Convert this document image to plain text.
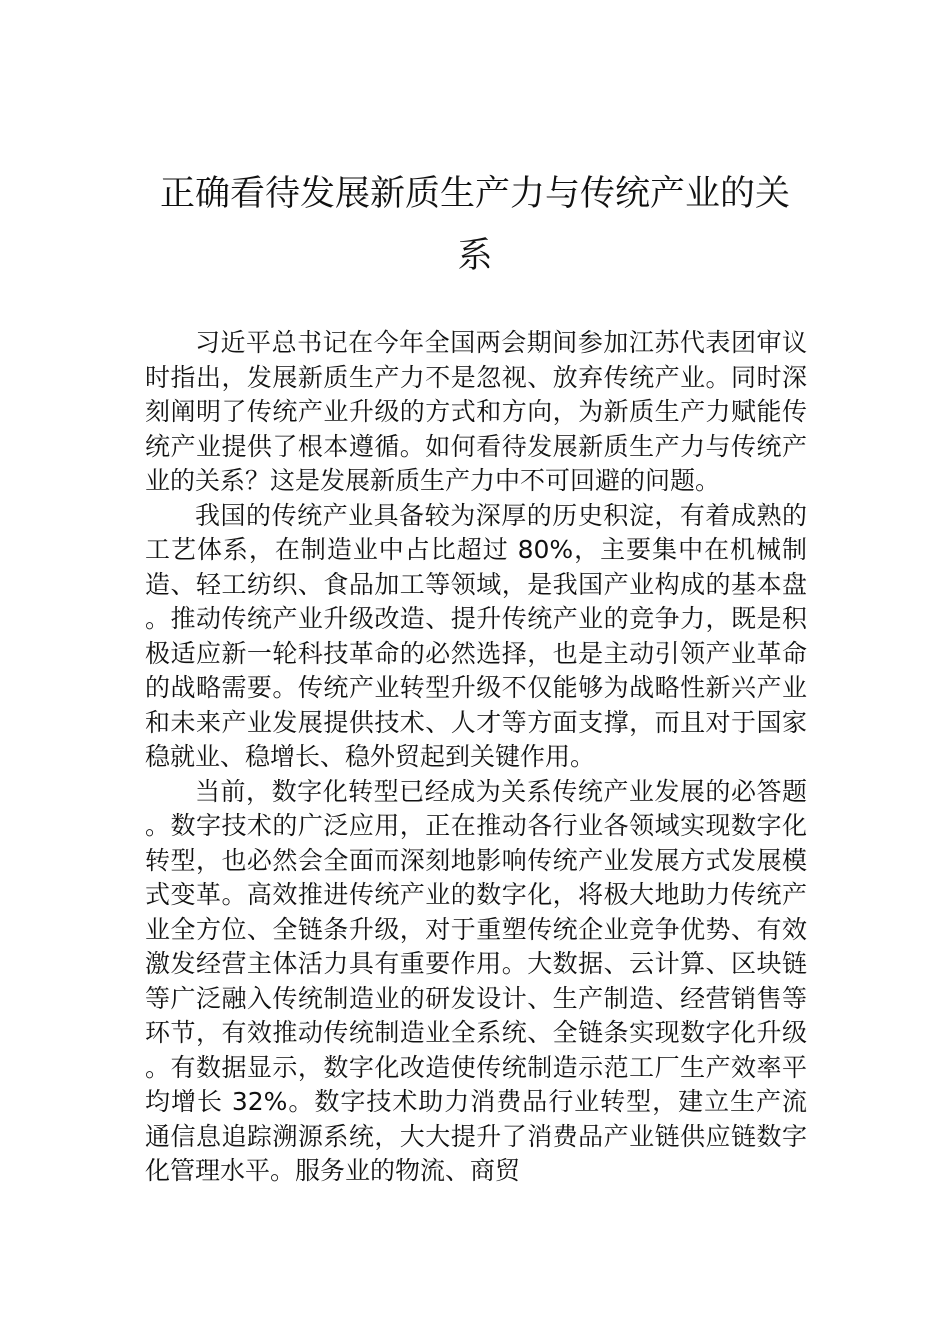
正确看待发展新质生产力与传统产业的关系

习近平总书记在今年全国两会期间参加江苏代表团审议时指出，发展新质生产力不是忽视、放弃传统产业。同时深刻阐明了传统产业升级的方式和方向，为新质生产力赋能传统产业提供了根本遵循。如何看待发展新质生产力与传统产业的关系？这是发展新质生产力中不可回避的问题。

我国的传统产业具备较为深厚的历史积淀，有着成熟的工艺体系，在制造业中占比超过 80%，主要集中在机械制造、轻工纺织、食品加工等领域，是我国产业构成的基本盘。推动传统产业升级改造、提升传统产业的竞争力，既是积极适应新一轮科技革命的必然选择，也是主动引领产业革命的战略需要。传统产业转型升级不仅能够为战略性新兴产业和未来产业发展提供技术、人才等方面支撑，而且对于国家稳就业、稳增长、稳外贸起到关键作用。

当前，数字化转型已经成为关系传统产业发展的必答题。数字技术的广泛应用，正在推动各行业各领域实现数字化转型，也必然会全面而深刻地影响传统产业发展方式发展模式变革。高效推进传统产业的数字化，将极大地助力传统产业全方位、全链条升级，对于重塑传统企业竞争优势、有效激发经营主体活力具有重要作用。大数据、云计算、区块链等广泛融入传统制造业的研发设计、生产制造、经营销售等环节，有效推动传统制造业全系统、全链条实现数字化升级。有数据显示，数字化改造使传统制造示范工厂生产效率平均增长 32%。数字技术助力消费品行业转型，建立生产流通信息追踪溯源系统，大大提升了消费品产业链供应链数字化管理水平。服务业的物流、商贸
